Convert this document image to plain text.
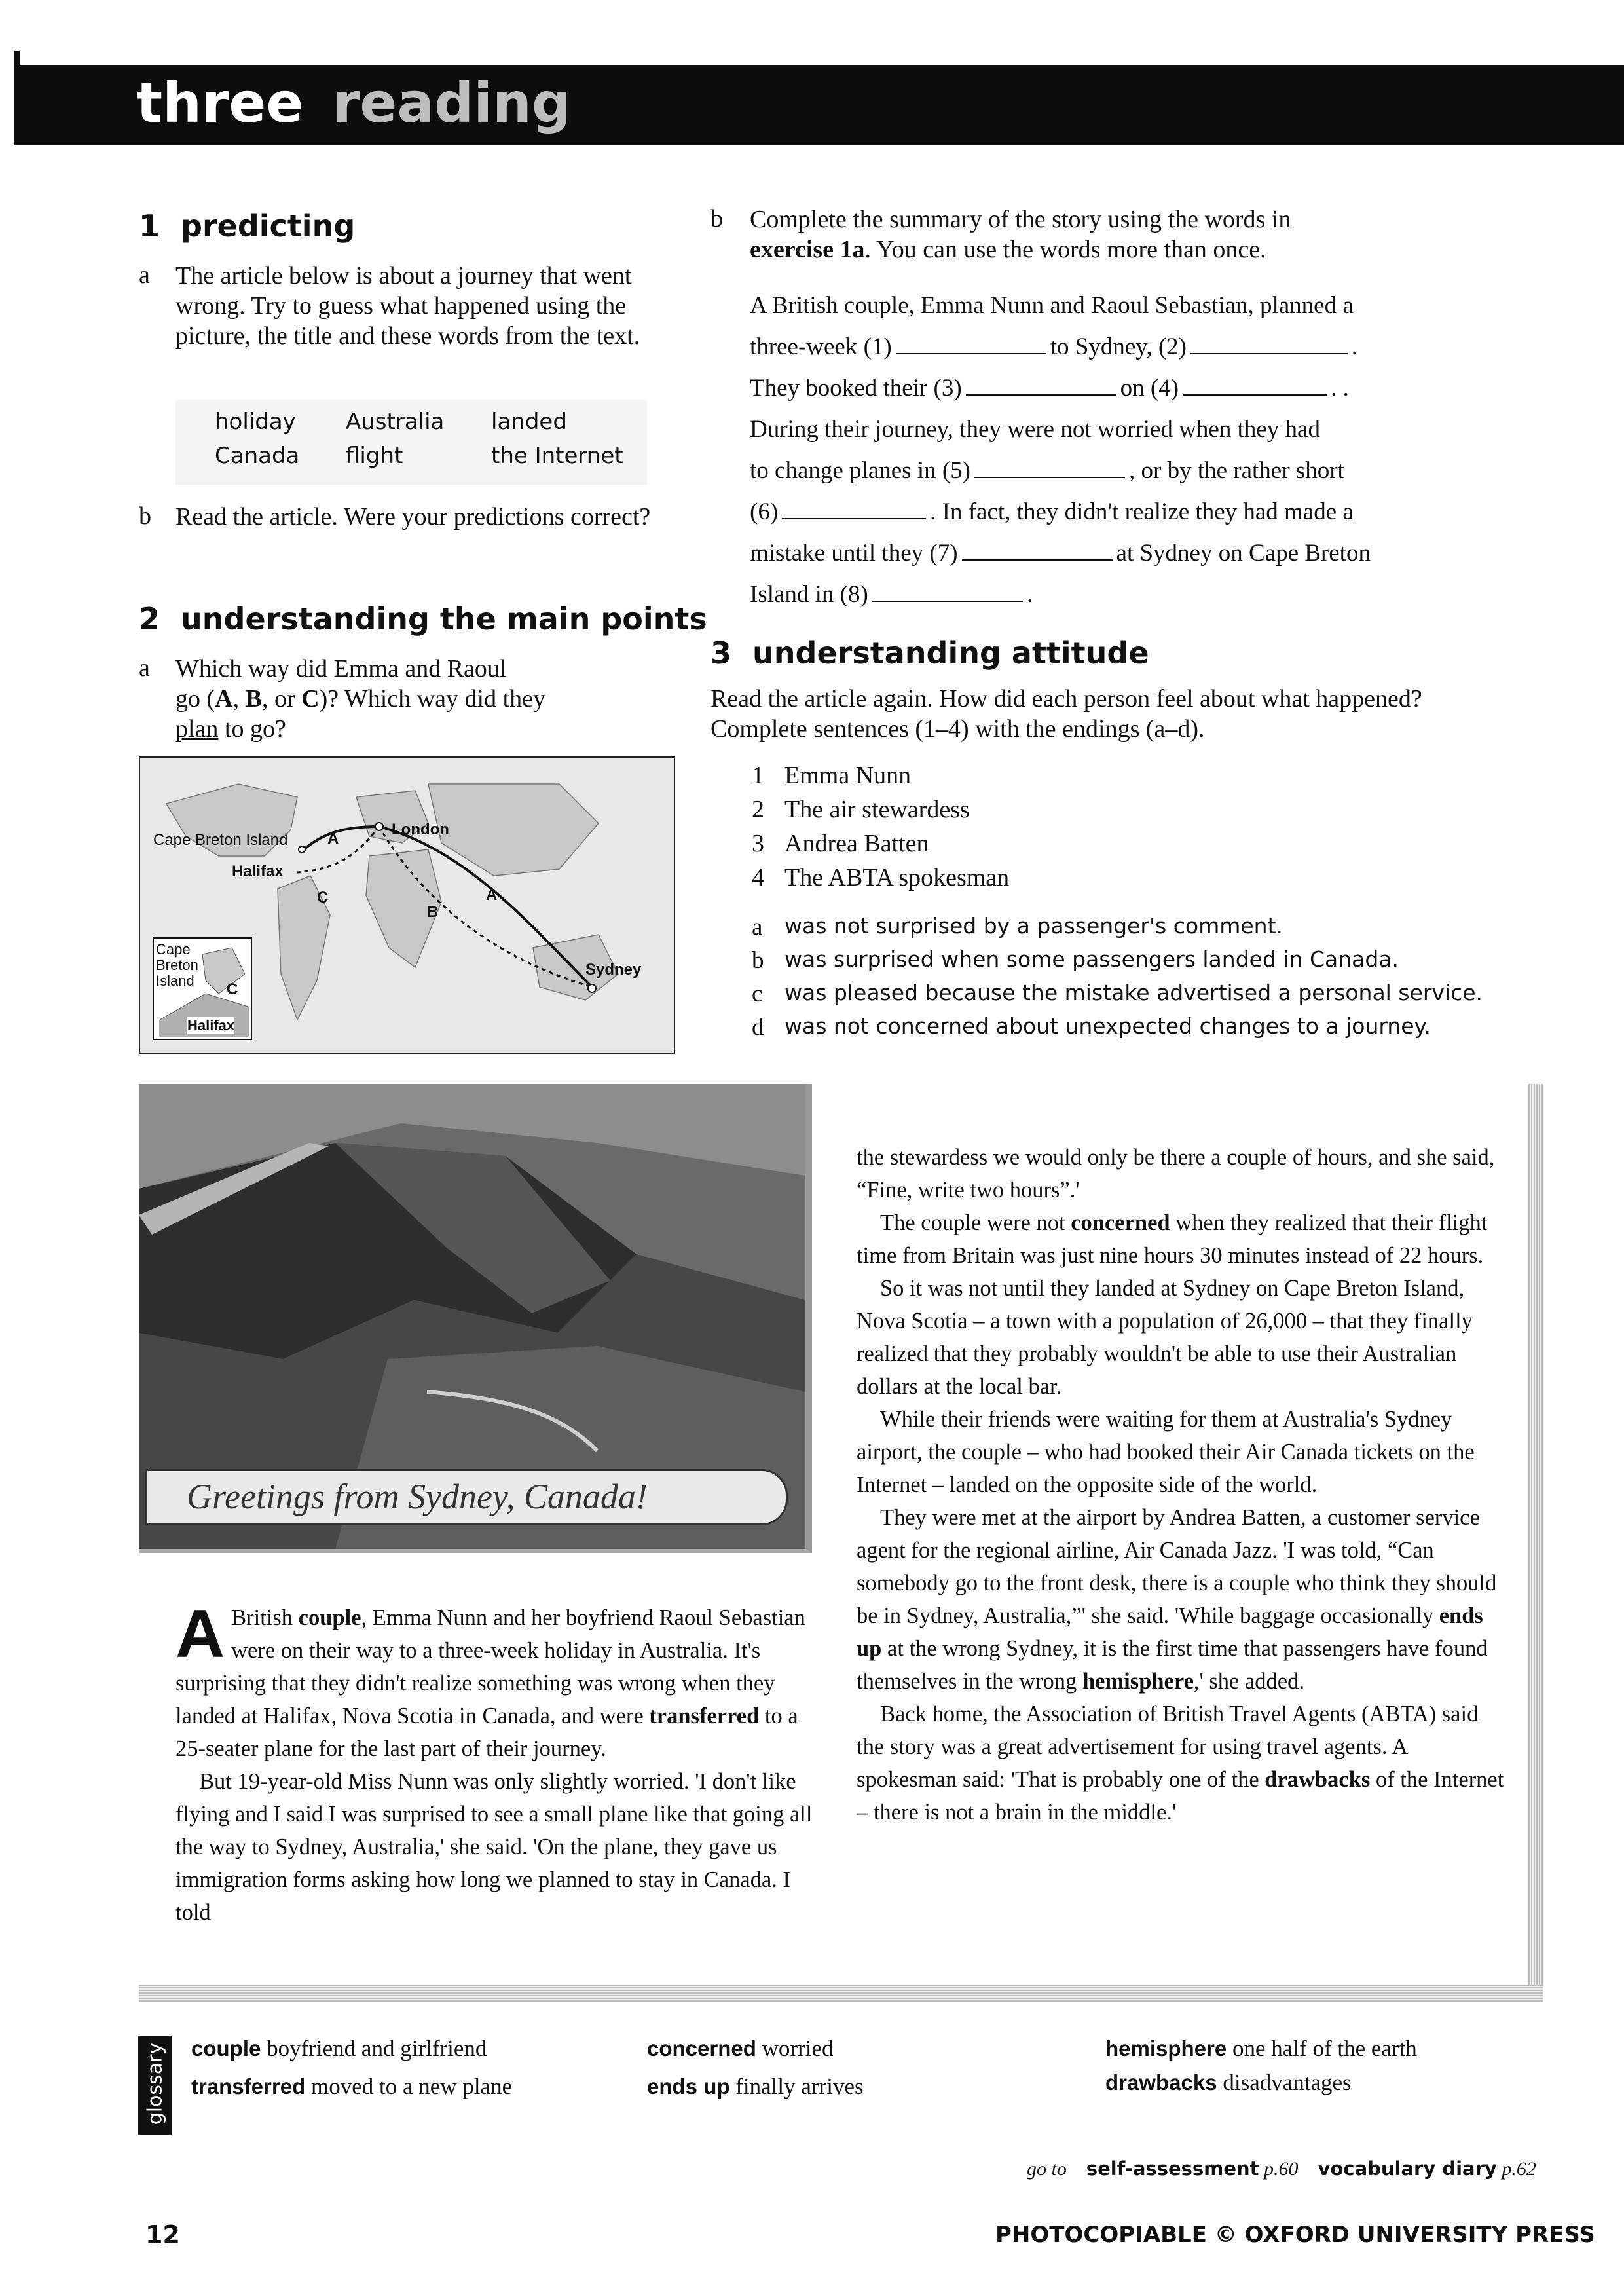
three reading
1 predicting
a The article below is about a journey that went wrong. Try to guess what happened using the picture, the title and these words from the text.
holiday Australia landed
Canada flight	the Internet
b Read the article. Were your predictions correct?
2 understanding the main points
a Which way did Emma and Raoul
go (A, B, or C)? Which way did they
plan to go?
Cape Breton Island
London
Halifax
Sydney
A
A
B
C
Cape
Breton
Island C
Halifax
b Complete the summary of the story using the words in
exercise 1a. You can use the words more than once.
A British couple, Emma Nunn and Raoul Sebastian, planned a
three-week (1)	to Sydney, (2)	.
They booked their (3)	on (4)	. .
During their journey, they were not worried when they had
to change planes in (5)	, or by the rather short
(6)	. In fact, they didn't realize they had made a
mistake until they (7)	at Sydney on Cape Breton
Island in (8)	.
3 understanding attitude
Read the article again. How did each person feel about what happened? Complete sentences (1–4) with the endings (a–d).
1 Emma Nunn
2 The air stewardess
3 Andrea Batten
4 The ABTA spokesman
a was not surprised by a passenger's comment.
b was surprised when some passengers landed in Canada.
c was pleased because the mistake advertised a personal service.
d was not concerned about unexpected changes to a journey.
Greetings from Sydney, Canada!

A British couple, Emma Nunn and her boyfriend Raoul Sebastian were on their way to a three-week holiday in Australia. It's surprising that they didn't realize something was wrong when they landed at Halifax, Nova Scotia in Canada, and were transferred to a 25-seater plane for the last part of their journey.

But 19-year-old Miss Nunn was only slightly worried. 'I don't like flying and I said I was surprised to see a small plane like that going all the way to Sydney, Australia,' she said. 'On the plane, they gave us immigration forms asking how long we planned to stay in Canada. I told

the stewardess we would only be there a couple of hours, and she said, “Fine, write two hours”.'

The couple were not concerned when they realized that their flight time from Britain was just nine hours 30 minutes instead of 22 hours.

So it was not until they landed at Sydney on Cape Breton Island, Nova Scotia – a town with a population of 26,000 – that they finally realized that they probably wouldn't be able to use their Australian dollars at the local bar.

While their friends were waiting for them at Australia's Sydney airport, the couple – who had booked their Air Canada tickets on the Internet – landed on the opposite side of the world.

They were met at the airport by Andrea Batten, a customer service agent for the regional airline, Air Canada Jazz. 'I was told, “Can somebody go to the front desk, there is a couple who think they should be in Sydney, Australia,”' she said. 'While baggage occasionally ends up at the wrong Sydney, it is the first time that passengers have found themselves in the wrong hemisphere,' she added.

Back home, the Association of British Travel Agents (ABTA) said the story was a great advertisement for using travel agents. A spokesman said: 'That is probably one of the drawbacks of the Internet – there is not a brain in the middle.'

glossary couple boyfriend and girlfriend
transferred moved to a new plane
concerned worried
ends up finally arrives
hemisphere one half of the earth
drawbacks disadvantages
go to self-assessment p.60 vocabulary diary p.62
12	PHOTOCOPIABLE © OXFORD UNIVERSITY PRESS
